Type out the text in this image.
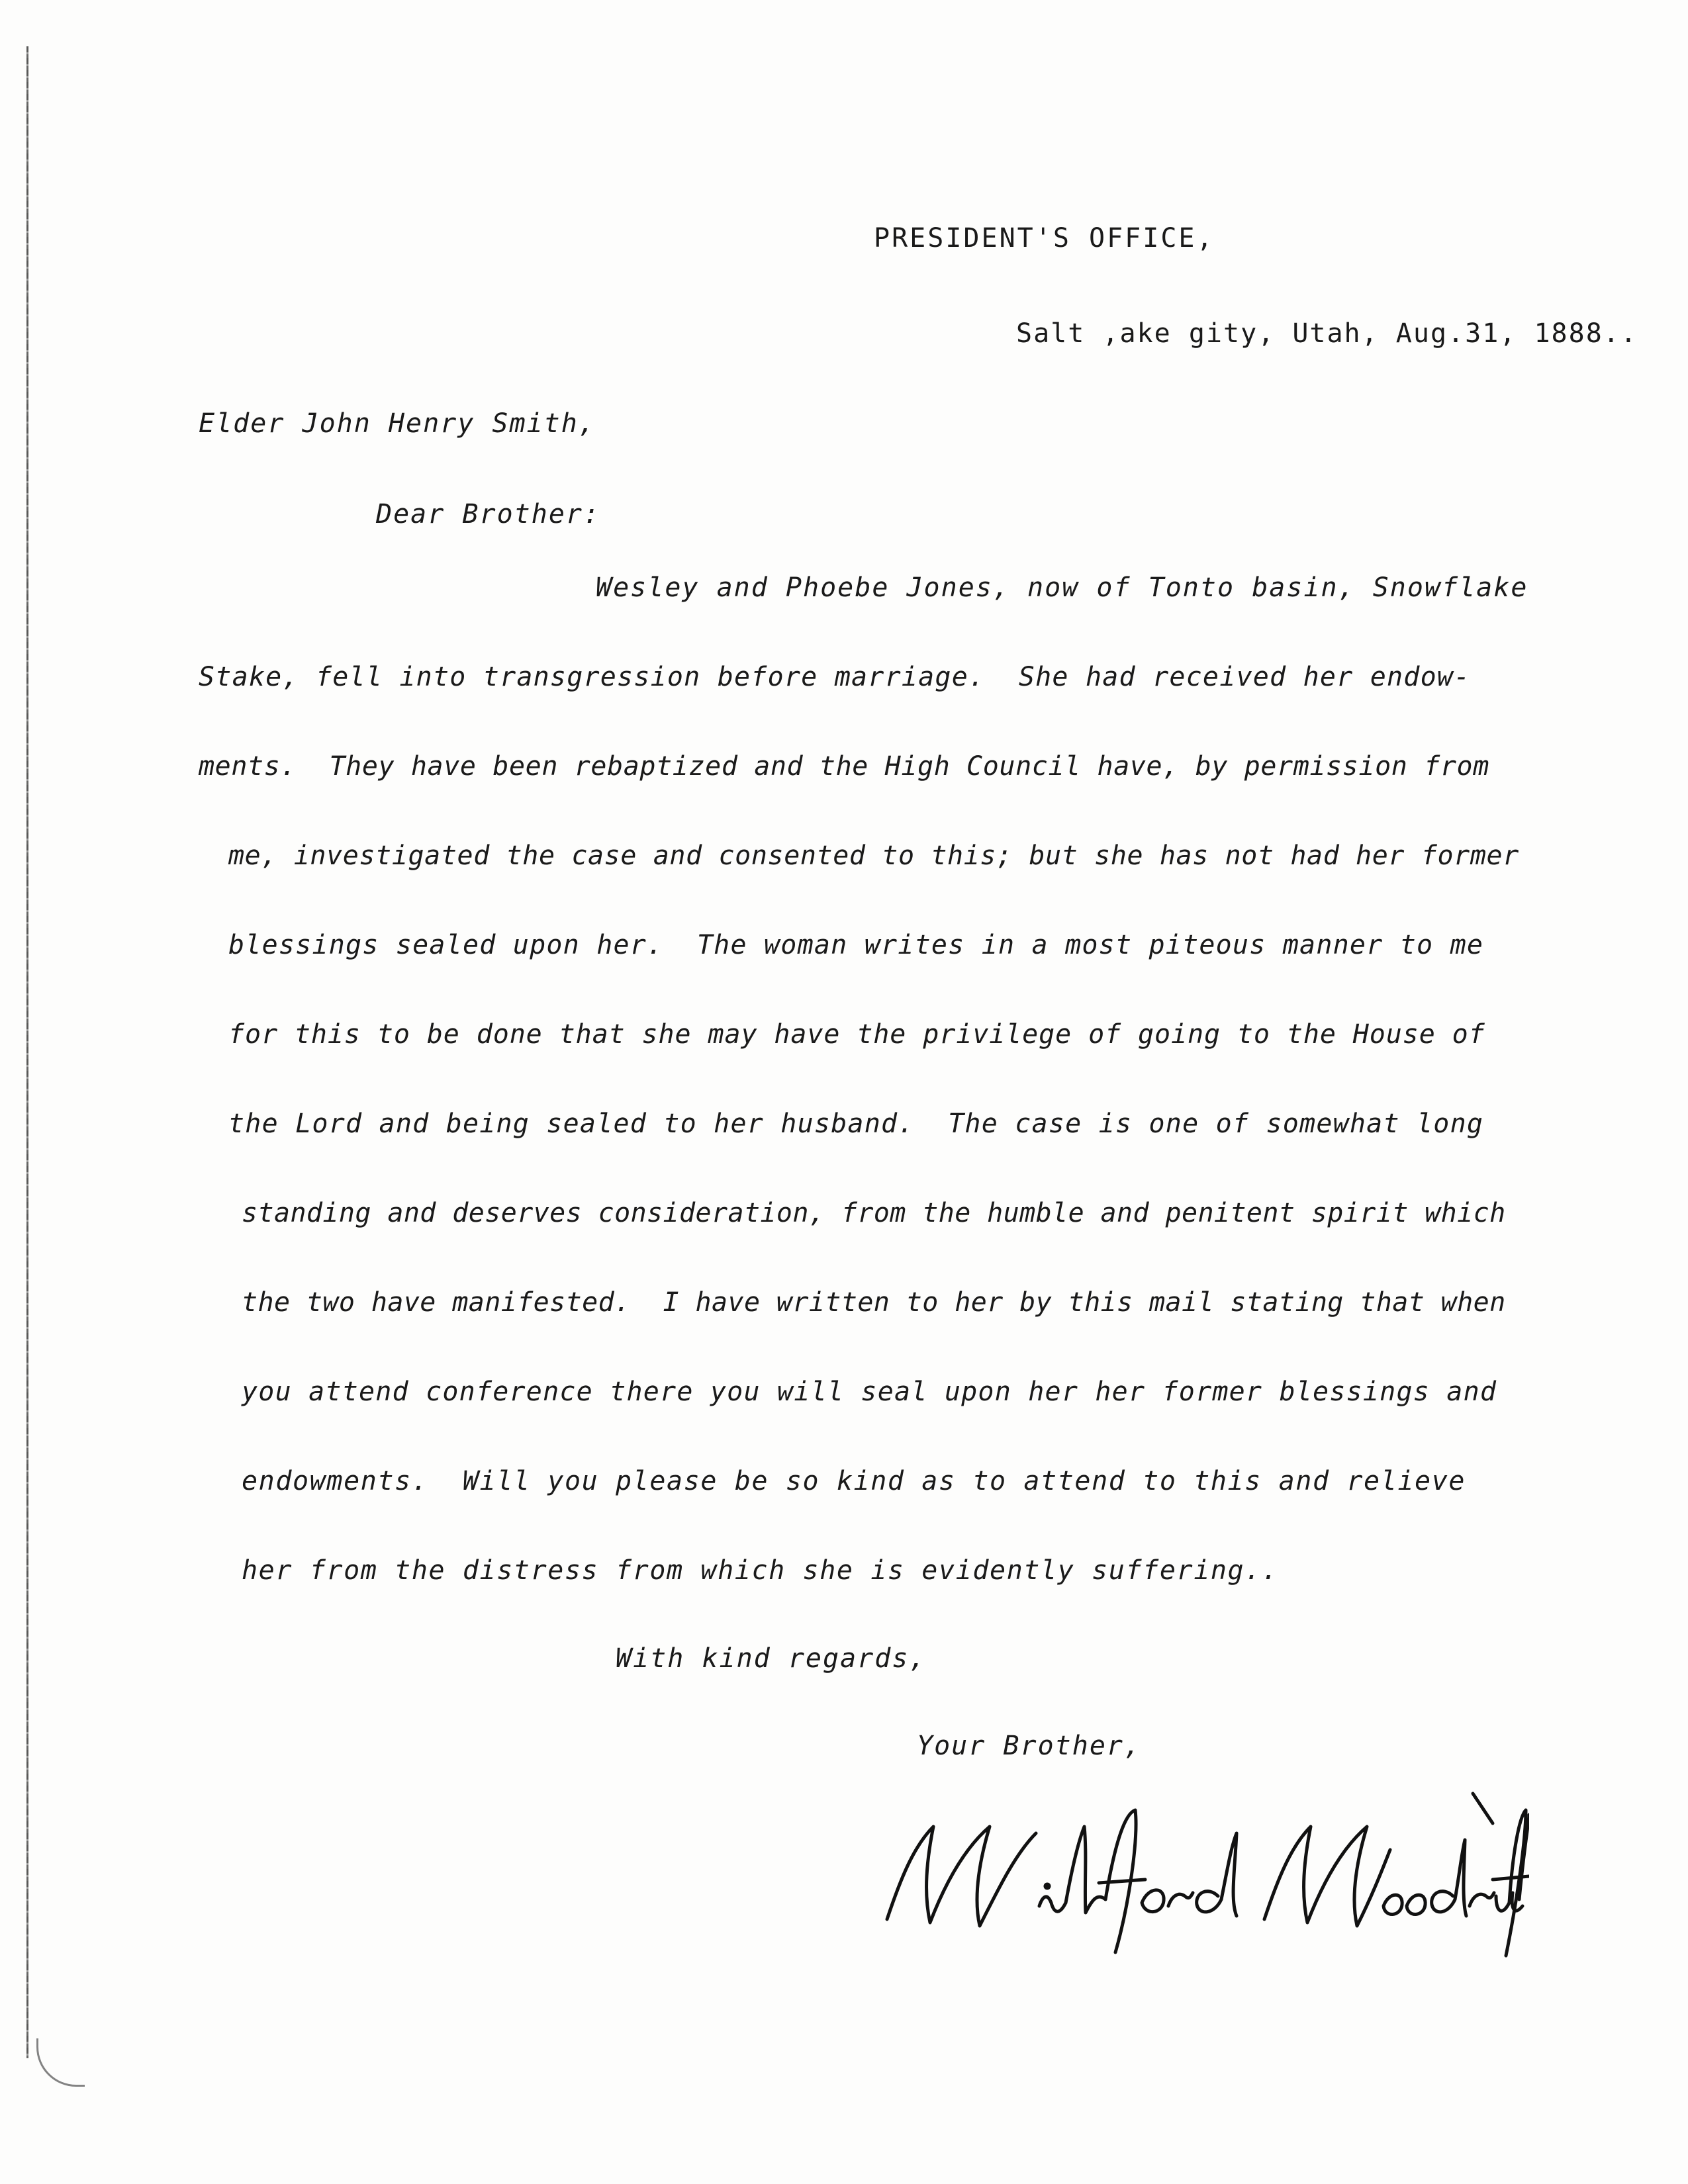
PRESIDENT'S OFFICE,
Salt ,ake gity, Utah, Aug.31, 1888..
Elder John Henry Smith,
Dear Brother:
Wesley and Phoebe Jones, now of Tonto basin, Snowflake
Stake, fell into transgression before marriage.  She had received her endow-
ments.  They have been rebaptized and the High Council have, by permission from
me, investigated the case and consented to this; but she has not had her former
blessings sealed upon her.  The woman writes in a most piteous manner to me
for this to be done that she may have the privilege of going to the House of
the Lord and being sealed to her husband.  The case is one of somewhat long
standing and deserves consideration, from the humble and penitent spirit which
the two have manifested.  I have written to her by this mail stating that when
you attend conference there you will seal upon her her former blessings and
endowments.  Will you please be so kind as to attend to this and relieve
her from the distress from which she is evidently suffering..
With kind regards,
Your Brother,
